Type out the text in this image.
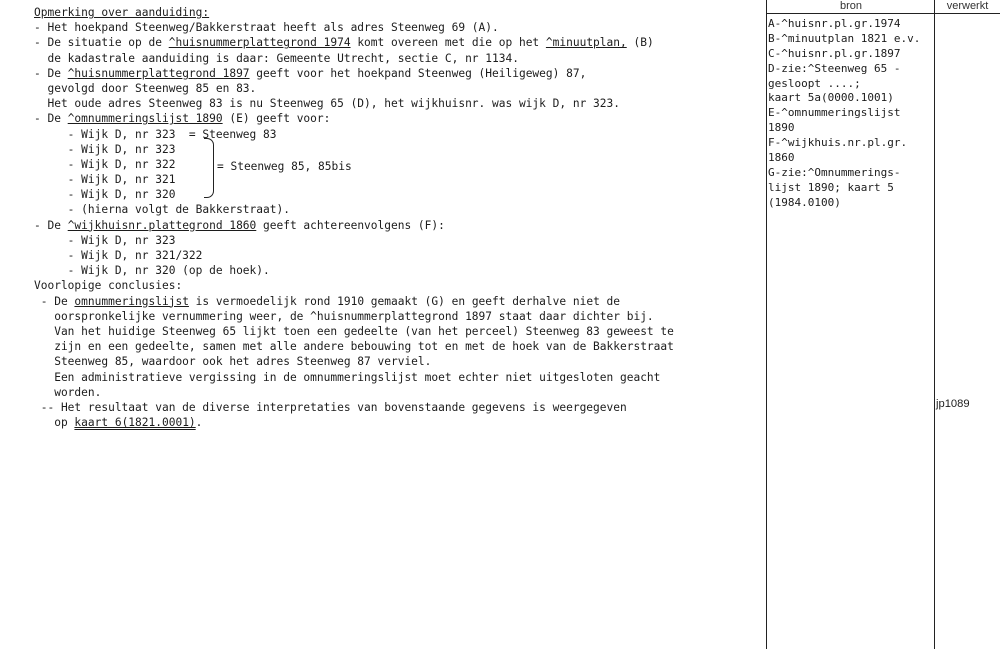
bron	verwerkt
Opmerking over aanduiding:
- Het hoekpand Steenweg/Bakkerstraat heeft als adres Steenweg 69 (A).
- De situatie op de ^huisnummerplattegrond 1974 komt overeen met die op het ^minuutplan, (B)
de kadastrale aanduiding is daar: Gemeente Utrecht, sectie C, nr 1134.
- De ^huisnummerplattegrond 1897 geeft voor het hoekpand Steenweg (Heiligeweg) 87,
gevolgd door Steenweg 85 en 83.
Het oude adres Steenweg 83 is nu Steenweg 65 (D), het wijkhuisnr. was wijk D, nr 323.
- De ^omnummeringslijst 1890 (E) geeft voor:
- Wijk D, nr 323  = Steenweg 83
- Wijk D, nr 323
- Wijk D, nr 322
- Wijk D, nr 321
- Wijk D, nr 320
- (hierna volgt de Bakkerstraat).
- De ^wijkhuisnr.plattegrond 1860 geeft achtereenvolgens (F):
- Wijk D, nr 323
- Wijk D, nr 321/322
- Wijk D, nr 320 (op de hoek).
Voorlopige conclusies:
- De omnummeringslijst is vermoedelijk rond 1910 gemaakt (G) en geeft derhalve niet de
oorspronkelijke vernummering weer, de ^huisnummerplattegrond 1897 staat daar dichter bij.
Van het huidige Steenweg 65 lijkt toen een gedeelte (van het perceel) Steenweg 83 geweest te
zijn en een gedeelte, samen met alle andere bebouwing tot en met de hoek van de Bakkerstraat
Steenweg 85, waardoor ook het adres Steenweg 87 verviel.
Een administratieve vergissing in de omnummeringslijst moet echter niet uitgesloten geacht
worden.
-- Het resultaat van de diverse interpretaties van bovenstaande gegevens is weergegeven
op kaart 6(1821.0001).
= Steenweg 85, 85bis
A-^huisnr.pl.gr.1974
B-^minuutplan 1821 e.v.
C-^huisnr.pl.gr.1897
D-zie:^Steenweg 65 -
gesloopt ....;
kaart 5a(0000.1001)
E-^omnummeringslijst
1890
F-^wijkhuis.nr.pl.gr.
1860
G-zie:^Omnummerings-
lijst 1890; kaart 5
(1984.0100)
jp1089
